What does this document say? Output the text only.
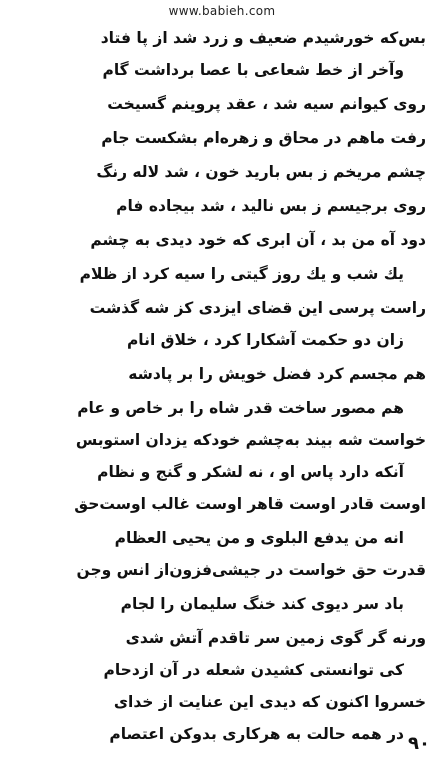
www.babieh.com
بس‌که خورشیدم ضعیف و زرد شد از پا فتاد
وآخر از خط شعاعی با عصا برداشت گام
روی کیوانم سیه شد ، عقد پروینم گسیخت
رفت ماهم در محاق و زهره‌ام بشکست جام
چشم مریخم ز بس بارید خون ، شد لاله رنگ
روی برجیسم ز بس نالید ، شد بیجاده فام
دود آه من بد ، آن ابری که خود دیدی به چشم
یك شب و یك روز گیتی را سیه کرد از ظلام
راست پرسی این قضای ایزدی کز شه گذشت
زان دو حکمت آشکارا کرد ، خلاق انام
هم مجسم کرد فضل خویش را بر پادشه
هم مصور ساخت قدر شاه را بر خاص و عام
خواست شه بیند به‌چشم خودکه یزدان استوبس
آنکه دارد پاس او ، نه لشکر و گنج و نظام
اوست قادر اوست قاهر اوست غالب اوست‌حق
انه من یدفع البلوی و من یحیی العظام
قدرت حق خواست در جیشی‌فزون‌از انس وجن
باد سر دیوی کند خنگ سلیمان را لجام
ورنه گر گوی زمین سر تاقدم آتش شدی
کی توانستی کشیدن شعله در آن ازدحام
خسروا اکنون که دیدی این عنایت از خدای
در همه حالت به هرکاری بدوکن اعتصام ۹۰
